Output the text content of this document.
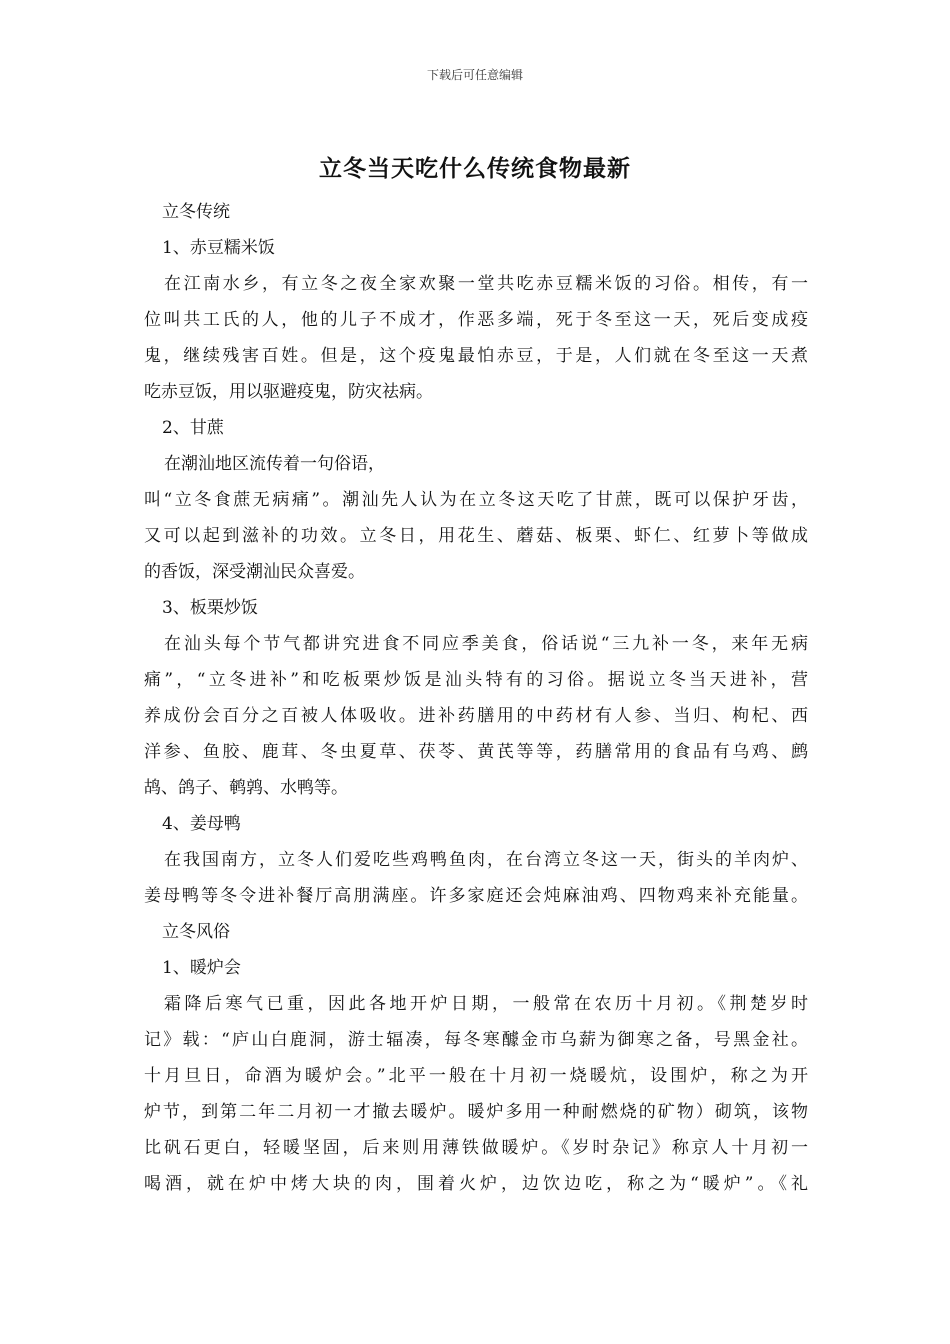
下载后可任意编辑
立冬当天吃什么传统食物最新
立冬传统
1、赤豆糯米饭
在江南水乡，有立冬之夜全家欢聚一堂共吃赤豆糯米饭的习俗。相传，有一
位叫共工氏的人，他的儿子不成才，作恶多端，死于冬至这一天，死后变成疫
鬼，继续残害百姓。但是，这个疫鬼最怕赤豆，于是，人们就在冬至这一天煮
吃赤豆饭，用以驱避疫鬼，防灾祛病。
2、甘蔗
在潮汕地区流传着一句俗语，
叫“立冬食蔗无病痛”。潮汕先人认为在立冬这天吃了甘蔗，既可以保护牙齿，
又可以起到滋补的功效。立冬日，用花生、蘑菇、板栗、虾仁、红萝卜等做成
的香饭，深受潮汕民众喜爱。
3、板栗炒饭
在汕头每个节气都讲究进食不同应季美食，俗话说“三九补一冬，来年无病
痛”，“立冬进补”和吃板栗炒饭是汕头特有的习俗。据说立冬当天进补，营
养成份会百分之百被人体吸收。进补药膳用的中药材有人参、当归、枸杞、西
洋参、鱼胶、鹿茸、冬虫夏草、茯苓、黄芪等等，药膳常用的食品有乌鸡、鹧
鸪、鸽子、鹌鹑、水鸭等。
4、姜母鸭
在我国南方，立冬人们爱吃些鸡鸭鱼肉，在台湾立冬这一天，街头的羊肉炉、
姜母鸭等冬令进补餐厅高朋满座。许多家庭还会炖麻油鸡、四物鸡来补充能量。
立冬风俗
1、暖炉会
霜降后寒气已重，因此各地开炉日期，一般常在农历十月初。《荆楚岁时
记》载：“庐山白鹿洞，游士辐凑，每冬寒醵金市乌薪为御寒之备，号黑金社。
十月旦日，命酒为暖炉会。”北平一般在十月初一烧暖炕，设围炉，称之为开
炉节，到第二年二月初一才撤去暖炉。暖炉多用一种耐燃烧的矿物）砌筑，该物
比矾石更白，轻暖坚固，后来则用薄铁做暖炉。《岁时杂记》称京人十月初一
喝酒，就在炉中烤大块的肉，围着火炉，边饮边吃，称之为“暖炉”。《礼
